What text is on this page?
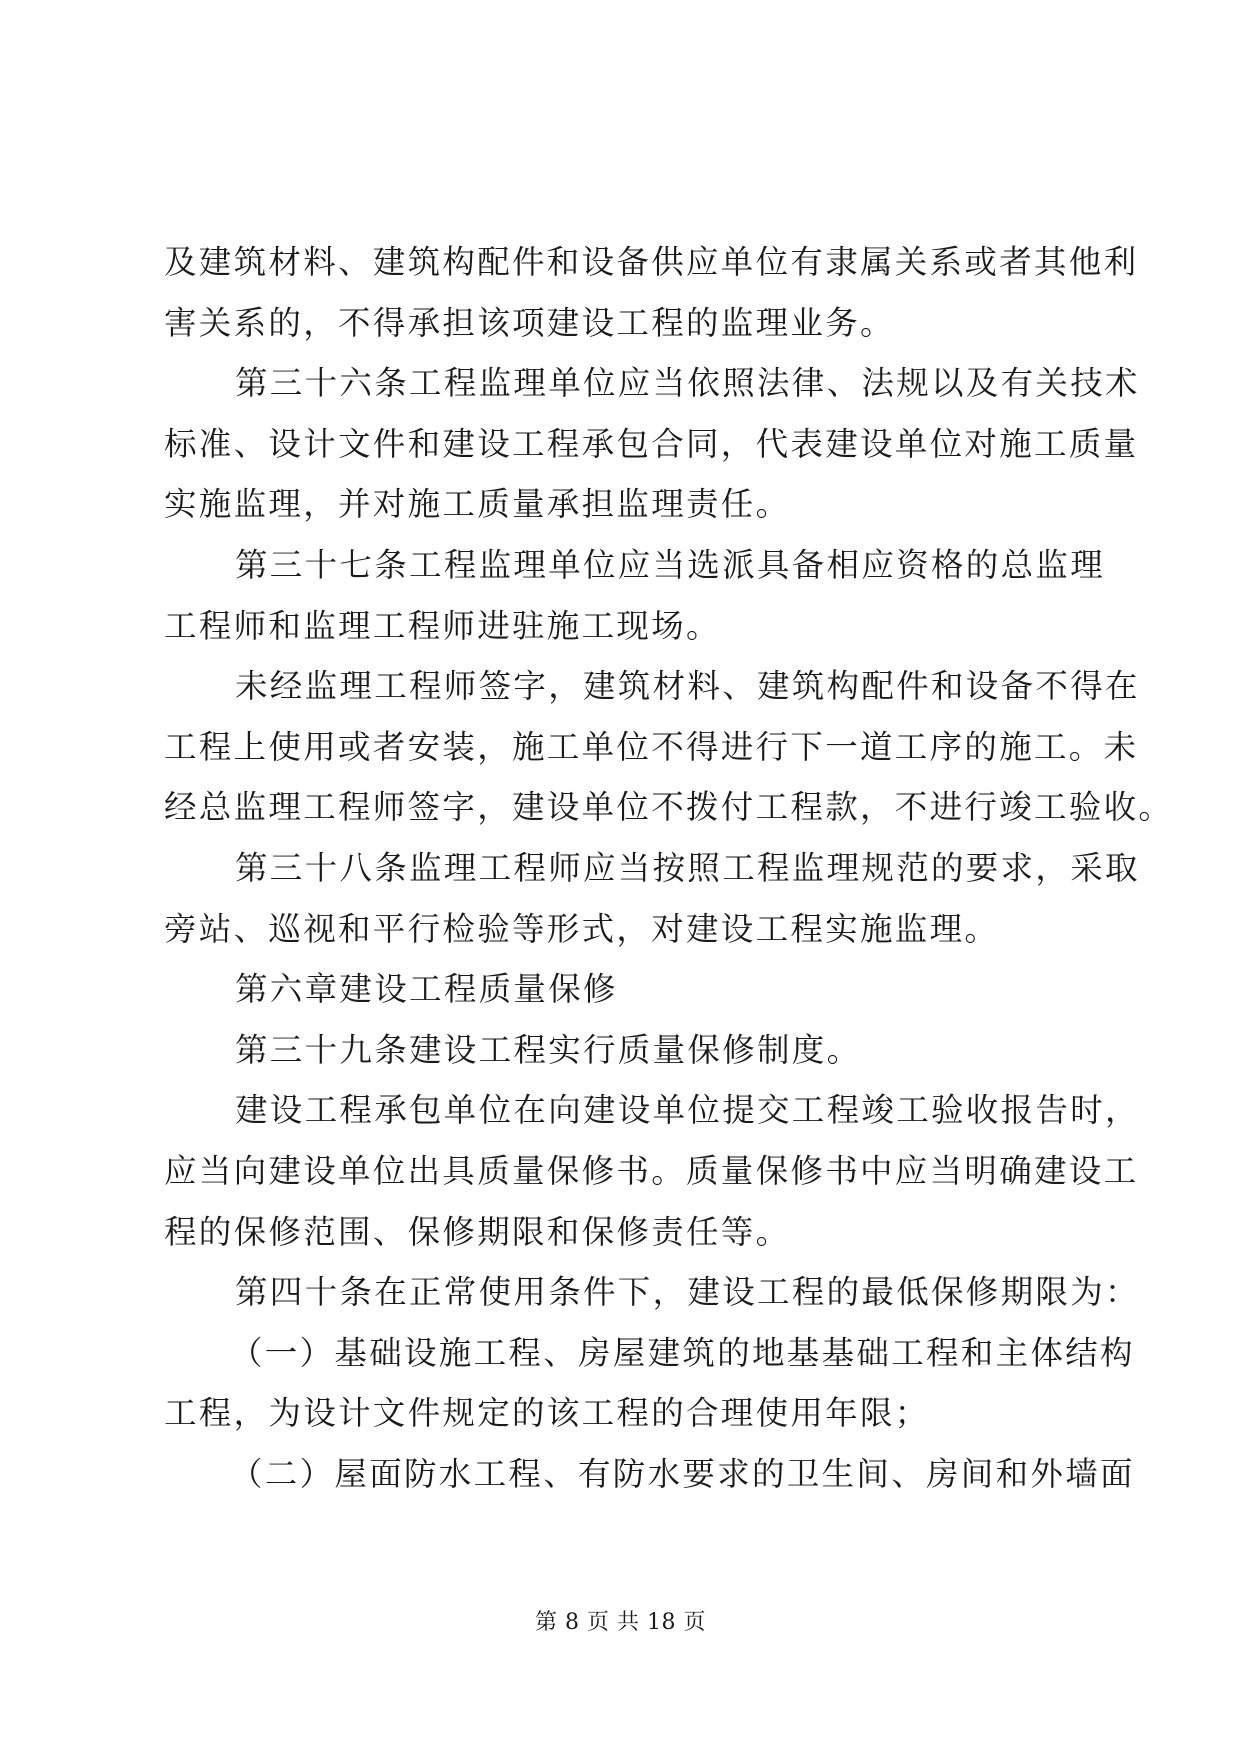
及建筑材料、建筑构配件和设备供应单位有隶属关系或者其他利
害关系的，不得承担该项建设工程的监理业务。
第三十六条工程监理单位应当依照法律、法规以及有关技术
标准、设计文件和建设工程承包合同，代表建设单位对施工质量
实施监理，并对施工质量承担监理责任。
第三十七条工程监理单位应当选派具备相应资格的总监理
工程师和监理工程师进驻施工现场。
未经监理工程师签字，建筑材料、建筑构配件和设备不得在
工程上使用或者安装，施工单位不得进行下一道工序的施工。未
经总监理工程师签字，建设单位不拨付工程款，不进行竣工验收。
第三十八条监理工程师应当按照工程监理规范的要求，采取
旁站、巡视和平行检验等形式，对建设工程实施监理。
第六章建设工程质量保修
第三十九条建设工程实行质量保修制度。
建设工程承包单位在向建设单位提交工程竣工验收报告时，
应当向建设单位出具质量保修书。质量保修书中应当明确建设工
程的保修范围、保修期限和保修责任等。
第四十条在正常使用条件下，建设工程的最低保修期限为：
（一）基础设施工程、房屋建筑的地基基础工程和主体结构
工程，为设计文件规定的该工程的合理使用年限；
（二）屋面防水工程、有防水要求的卫生间、房间和外墙面
第 8 页 共 18 页
